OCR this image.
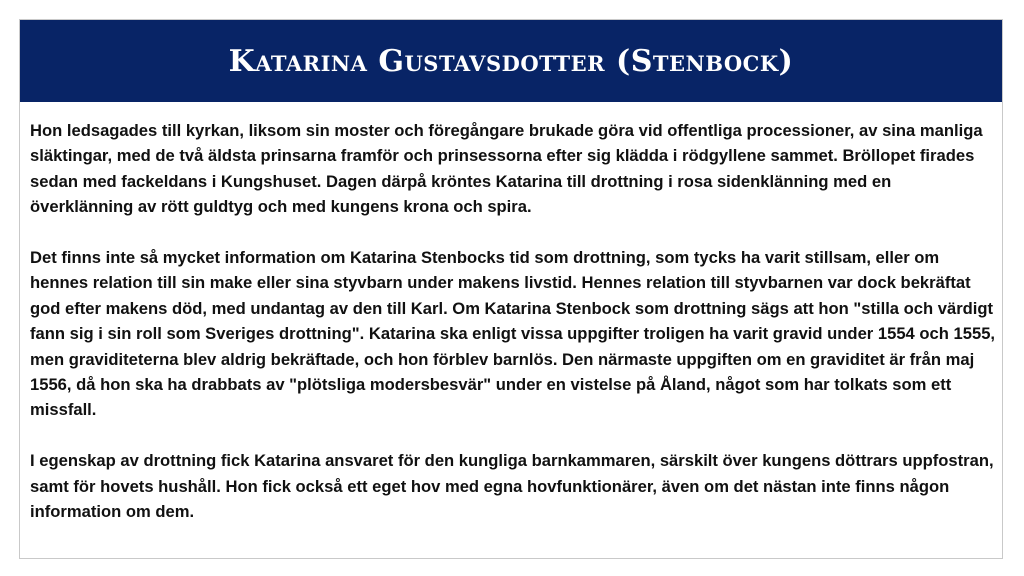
Katarina Gustavsdotter (Stenbock)

Hon ledsagades till kyrkan, liksom sin moster och föregångare brukade göra vid offentliga processioner, av sina manliga släktingar, med de två äldsta prinsarna framför och prinsessorna efter sig klädda i rödgyllene sammet. Bröllopet firades sedan med fackeldans i Kungshuset. Dagen därpå kröntes Katarina till drottning i rosa sidenklänning med en överklänning av rött guldtyg och med kungens krona och spira.

Det finns inte så mycket information om Katarina Stenbocks tid som drottning, som tycks ha varit stillsam, eller om hennes relation till sin make eller sina styvbarn under makens livstid. Hennes relation till styvbarnen var dock bekräftat god efter makens död, med undantag av den till Karl. Om Katarina Stenbock som drottning sägs att hon "stilla och värdigt fann sig i sin roll som Sveriges drottning". Katarina ska enligt vissa uppgifter troligen ha varit gravid under 1554 och 1555, men graviditeterna blev aldrig bekräftade, och hon förblev barnlös. Den närmaste uppgiften om en graviditet är från maj 1556, då hon ska ha drabbats av "plötsliga modersbesvär" under en vistelse på Åland, något som har tolkats som ett missfall.

I egenskap av drottning fick Katarina ansvaret för den kungliga barnkammaren, särskilt över kungens döttrars uppfostran, samt för hovets hushåll. Hon fick också ett eget hov med egna hovfunktionärer, även om det nästan inte finns någon information om dem.
